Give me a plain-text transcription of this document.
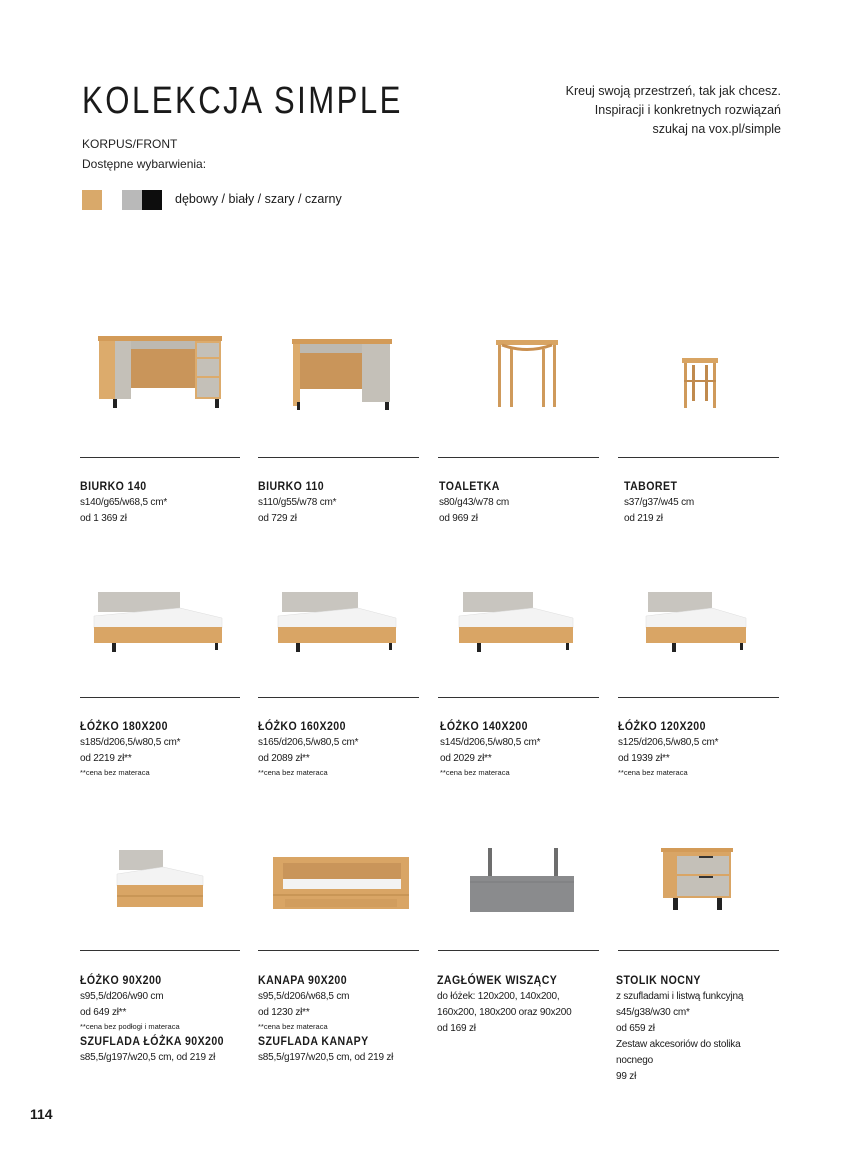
KOLEKCJA SIMPLE
KORPUS/FRONT
Dostępne wybarwienia:
Kreuj swoją przestrzeń, tak jak chcesz.
Inspiracji i konkretnych rozwiązań
szukaj na vox.pl/simple
dębowy / biały / szary / czarny
BIURKO 140
s140/g65/w68,5 cm*
od 1 369 zł
BIURKO 110
s110/g55/w78 cm*
od 729 zł
TOALETKA
s80/g43/w78 cm
od 969 zł
TABORET
s37/g37/w45 cm
od 219 zł
ŁÓŻKO 180X200
s185/d206,5/w80,5 cm*
od 2219 zł**
**cena bez materaca
ŁÓŻKO 160X200
s165/d206,5/w80,5 cm*
od 2089 zł**
**cena bez materaca
ŁÓŻKO 140X200
s145/d206,5/w80,5 cm*
od 2029 zł**
**cena bez materaca
ŁÓŻKO 120X200
s125/d206,5/w80,5 cm*
od 1939 zł**
**cena bez materaca
ŁÓŻKO 90X200
s95,5/d206/w90 cm
od 649 zł**
**cena bez podłogi i materaca
SZUFLADA ŁÓŻKA 90X200
s85,5/g197/w20,5 cm, od 219 zł
KANAPA 90X200
s95,5/d206/w68,5 cm
od 1230 zł**
**cena bez materaca
SZUFLADA KANAPY
s85,5/g197/w20,5 cm, od 219 zł
ZAGŁÓWEK WISZĄCY
do łóżek: 120x200, 140x200,
160x200, 180x200 oraz 90x200
od 169 zł
STOLIK NOCNY
z szufladami i listwą funkcyjną
s45/g38/w30 cm*
od 659 zł
Zestaw akcesoriów do stolika
nocnego
99 zł
114
